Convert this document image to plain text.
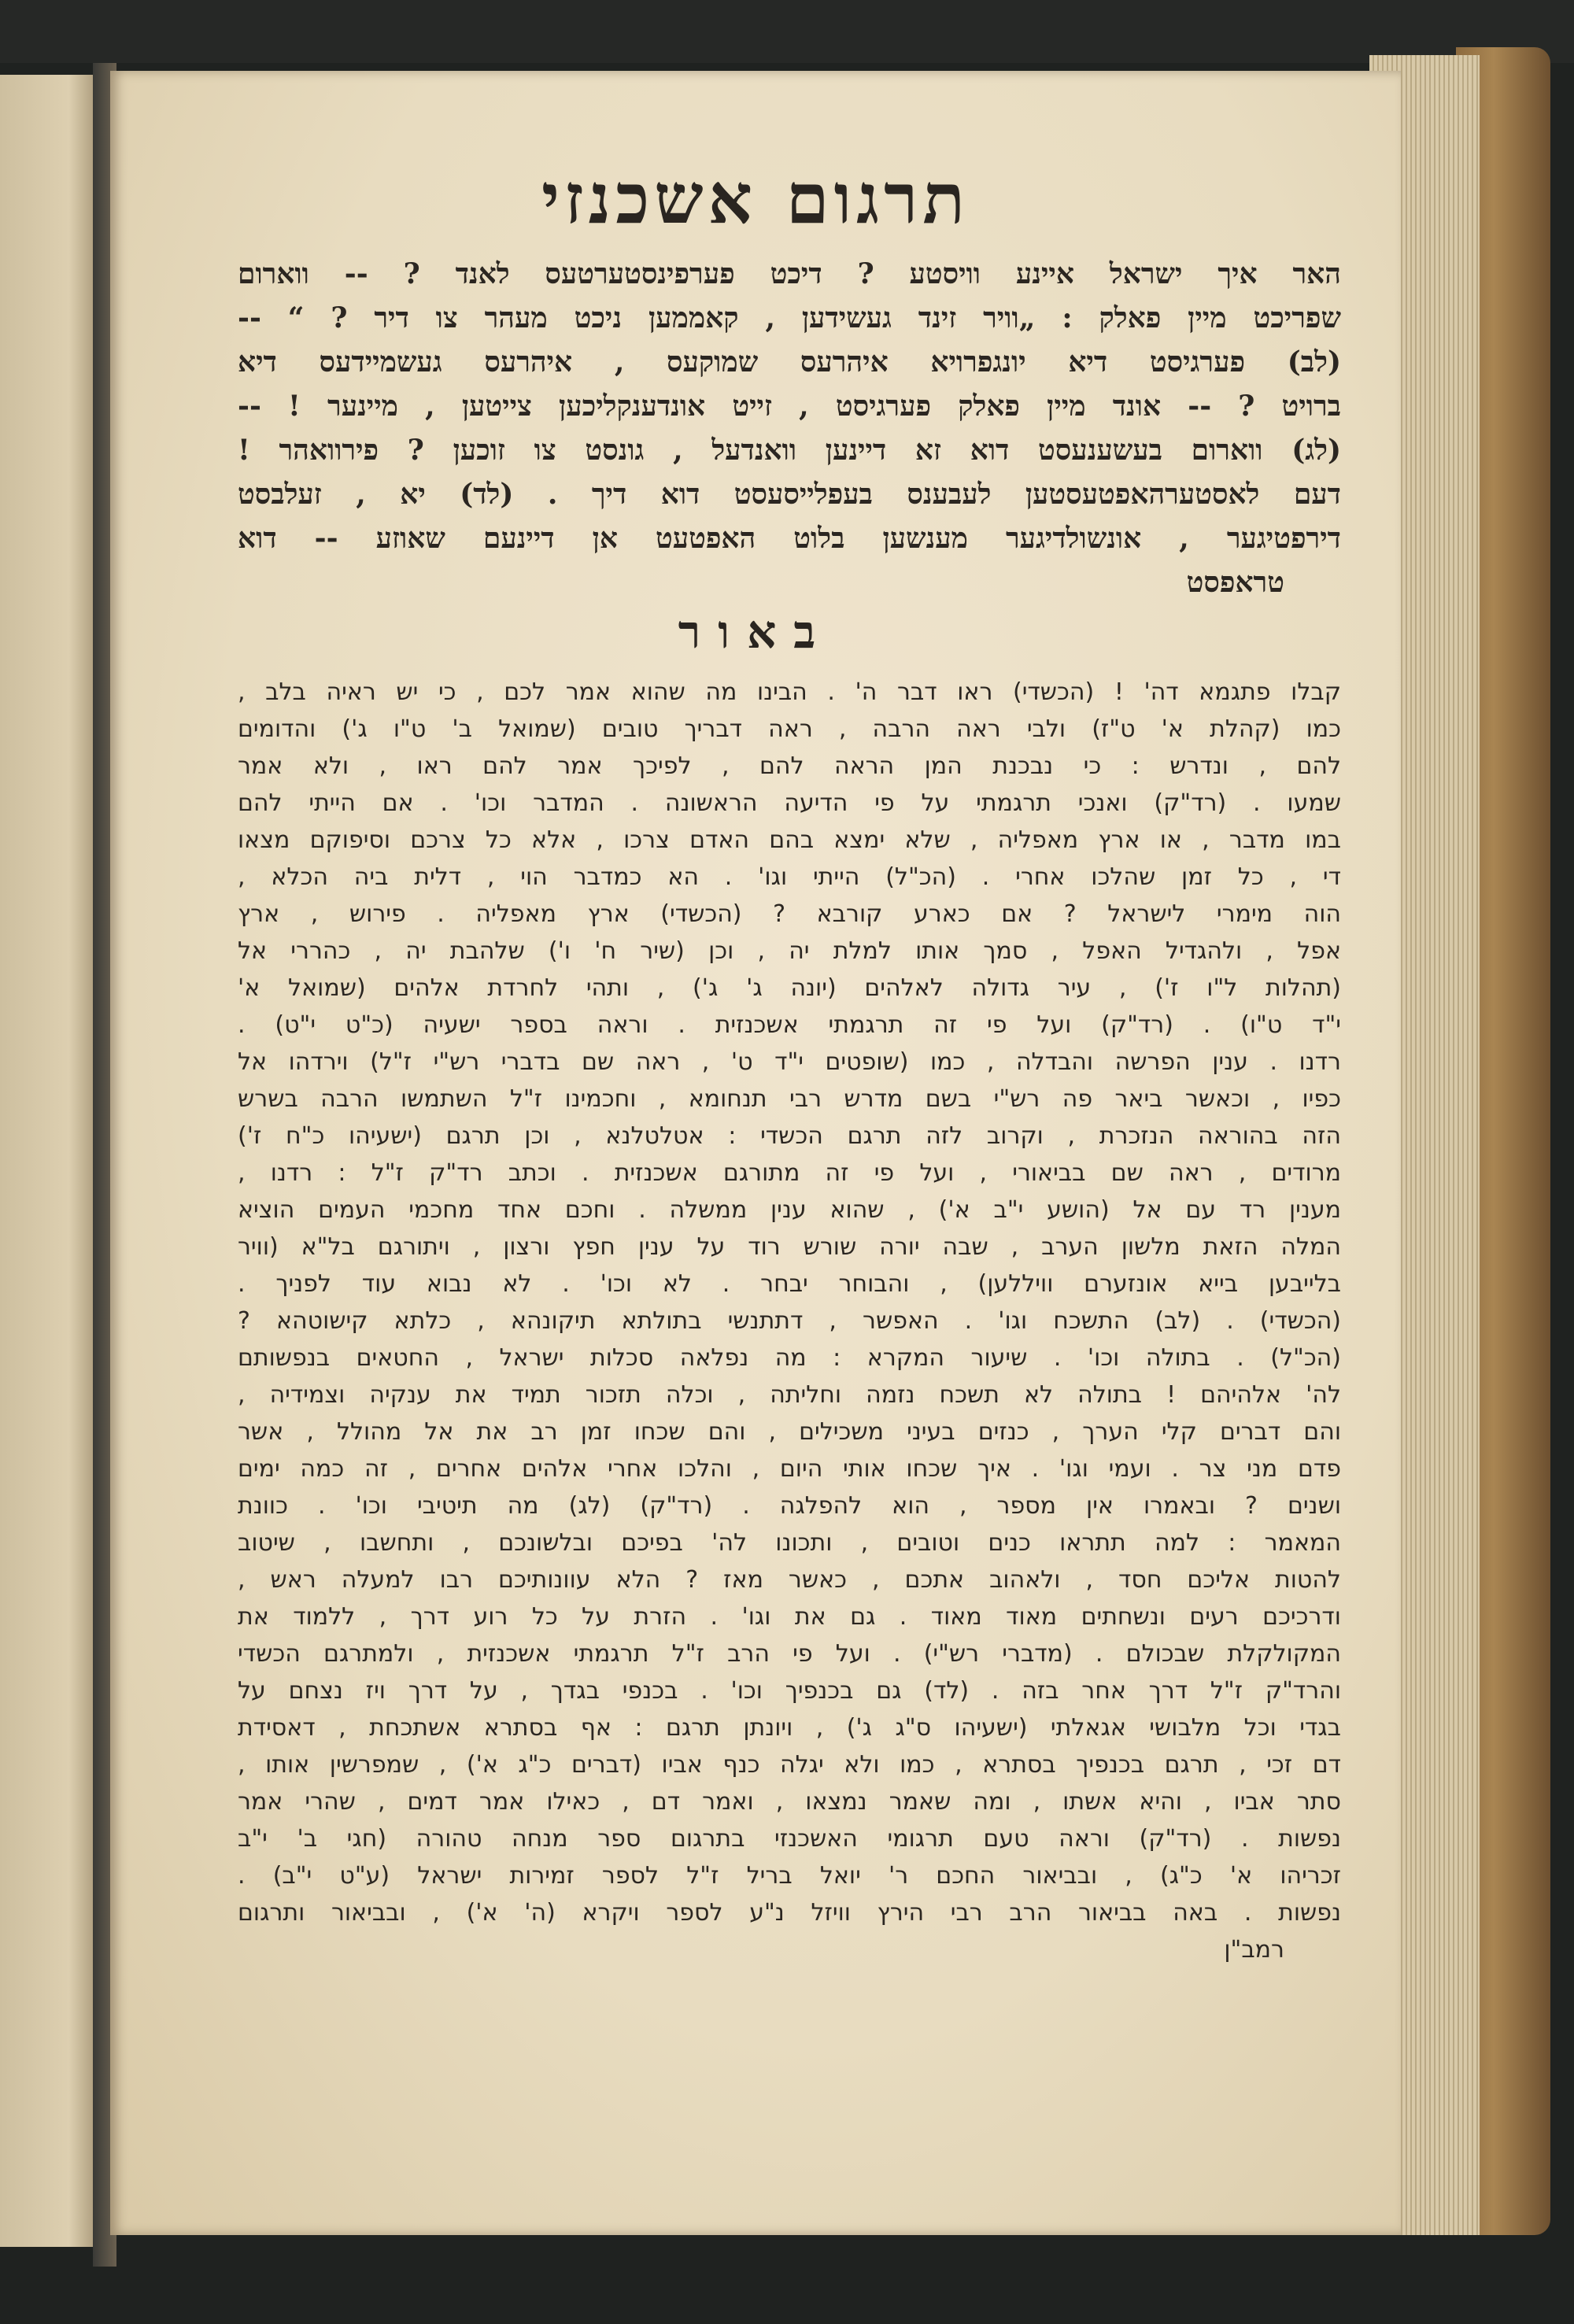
תרגום אשכנזי
האר איך ישראל איינע וויסטע ? דיכט פערפינסטערטעס לאנד ? -- ווארום
שפריכט מיין פאלק : „וויר זינד געשידען , קאממען ניכט מעהר צו דיר ? “ --
(לב) פערגיסט דיא יונגפרויא איהרעס שמוקעס , איהרעס געשמיידעס דיא
ברויט ? -- אונד מיין פאלק פערגיסט , זייט אונדענקליכען צייטען , מיינער ! --
(לג) ווארום בעשענעסט דוא זא דיינען וואנדעל , גונסט צו זוכען ? פירוואהר !
דעם לאסטערהאפטעסטען לעבענס בעפלייסעסט דוא דיך . (לד) יא , זעלבסט
דירפטיגער , אונשולדיגער מענשען בלוט האפטעט אן דיינעם שאוזע -- דוא
טראפסט
באור
קבלו פתגמא דה' ! (הכשדי) ראו דבר ה' . הבינו מה שהוא אמר לכם , כי יש ראיה בלב ,
כמו (קהלת א' ט"ז) ולבי ראה הרבה , ראה דבריך טובים (שמואל ב' ט"ו ג') והדומים
להם , ונדרש : כי נבכנת המן הראה להם , לפיכך אמר להם ראו , ולא אמר
שמעו . (רד"ק) ואנכי תרגמתי על פי הדיעה הראשונה . המדבר וכו' . אם הייתי להם
במו מדבר , או ארץ מאפליה , שלא ימצא בהם האדם צרכו , אלא כל צרכם וסיפוקם מצאו
די , כל זמן שהלכו אחרי . (הכ"ל) הייתי וגו' . הא כמדבר הוי , דלית ביה הכלא ,
הוה מימרי לישראל ? אם כארע קורבא ? (הכשדי) ארץ מאפליה . פירוש , ארץ
אפל , ולהגדיל האפל , סמך אותו למלת יה , וכן (שיר ח' ו') שלהבת יה , כהררי אל
(תהלות ל"ו ז') , עיר גדולה לאלהים (יונה ג' ג') , ותהי לחרדת אלהים (שמואל א'
י"ד ט"ו) . (רד"ק) ועל פי זה תרגמתי אשכנזית . וראה בספר ישעיה (כ"ט י"ט) .
רדנו . ענין הפרשה והבדלה , כמו (שופטים י"ד ט' , ראה שם בדברי רש"י ז"ל) וירדהו אל
כפיו , וכאשר ביאר פה רש"י בשם מדרש רבי תנחומא , וחכמינו ז"ל השתמשו הרבה בשרש
הזה בהוראה הנזכרת , וקרוב לזה תרגם הכשדי : אטלטלנא , וכן תרגם (ישעיהו כ"ח ז')
מרודים , ראה שם בביאורי , ועל פי זה מתורגם אשכנזית . וכתב רד"ק ז"ל : רדנו ,
מענין רד עם אל (הושע י"ב א') , שהוא ענין ממשלה . וחכם אחד מחכמי העמים הוציא
המלה הזאת מלשון הערב , שבה יורה שורש רוד על ענין חפץ ורצון , ויתורגם בל"א (וויר
בלייבען בייא אונזערם וויללען) , והבוחר יבחר . לא וכו' . לא נבוא עוד לפניך .
(הכשדי) . (לב) התשכח וגו' . האפשר , דתתנשי בתולתא תיקונהא , כלתא קישוטהא ?
(הכ"ל) . בתולה וכו' . שיעור המקרא : מה נפלאה סכלות ישראל , החטאים בנפשותם
לה' אלהיהם ! בתולה לא תשכח נזמה וחליתה , וכלה תזכור תמיד את ענקיה וצמידיה ,
והם דברים קלי הערך , כנזים בעיני משכילים , והם שכחו זמן רב את אל מהולל , אשר
פדם מני צר . ועמי וגו' . איך שכחו אותי היום , והלכו אחרי אלהים אחרים , זה כמה ימים
ושנים ? ובאמרו אין מספר , הוא להפלגה . (רד"ק) (לג) מה תיטיבי וכו' . כוונת
המאמר : למה תתראו כנים וטובים , ותכונו לה' בפיכם ובלשונכם , ותחשבו , שיטוב
להטות אליכם חסד , ולאהוב אתכם , כאשר מאז ? הלא עוונותיכם רבו למעלה ראש ,
ודרכיכם רעים ונשחתים מאוד מאוד . גם את וגו' . הזרת על כל רוע דרך , ללמוד את
המקולקלת שבכולם . (מדברי רש"י) . ועל פי הרב ז"ל תרגמתי אשכנזית , ולמתרגם הכשדי
והרד"ק ז"ל דרך אחר בזה . (לד) גם בכנפיך וכו' . בכנפי בגדך , על דרך ויז נצחם על
בגדי וכל מלבושי אגאלתי (ישעיהו ס"ג ג') , ויונתן תרגם : אף בסתרא אשתכחת , דאסידת
דם זכי , תרגם בכנפיך בסתרא , כמו ולא יגלה כנף אביו (דברים כ"ג א') , שמפרשין אותו ,
סתר אביו , והיא אשתו , ומה שאמר נמצאו , ואמר דם , כאילו אמר דמים , שהרי אמר
נפשות . (רד"ק) וראה טעם תרגומי האשכנזי בתרגום ספר מנחה טהורה (חגי ב' י"ב
זכריהו א' כ"ג) , ובביאור החכם ר' יואל בריל ז"ל לספר זמירות ישראל (ע"ט י"ב) .
נפשות . באה בביאור הרב רבי הירץ וויזל נ"ע לספר ויקרא (ה' א') , ובביאור ותרגום
רמב"ן
